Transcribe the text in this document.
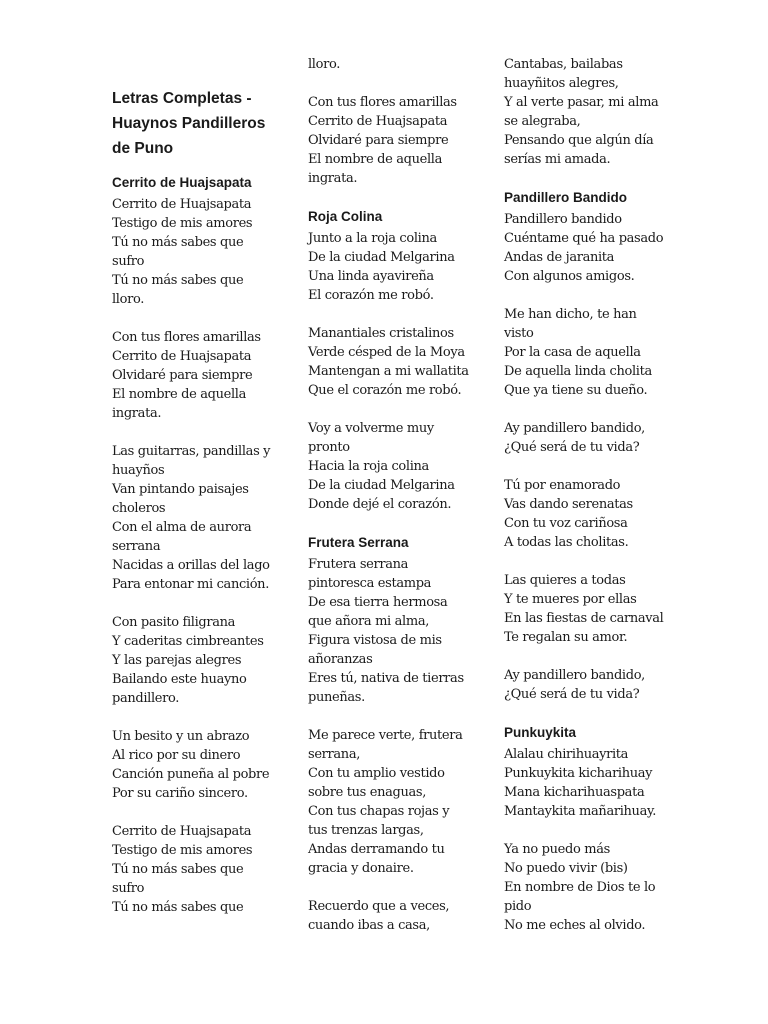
Letras Completas -
Huaynos Pandilleros
de Puno
Cerrito de Huajsapata
Cerrito de Huajsapata
Testigo de mis amores
Tú no más sabes que
sufro
Tú no más sabes que
lloro.
Con tus flores amarillas
Cerrito de Huajsapata
Olvidaré para siempre
El nombre de aquella
ingrata.
Las guitarras, pandillas y
huayños
Van pintando paisajes
choleros
Con el alma de aurora
serrana
Nacidas a orillas del lago
Para entonar mi canción.
Con pasito filigrana
Y caderitas cimbreantes
Y las parejas alegres
Bailando este huayno
pandillero.
Un besito y un abrazo
Al rico por su dinero
Canción puneña al pobre
Por su cariño sincero.
Cerrito de Huajsapata
Testigo de mis amores
Tú no más sabes que
sufro
Tú no más sabes que
lloro.
Con tus flores amarillas
Cerrito de Huajsapata
Olvidaré para siempre
El nombre de aquella
ingrata.
Roja Colina
Junto a la roja colina
De la ciudad Melgarina
Una linda ayavireña
El corazón me robó.
Manantiales cristalinos
Verde césped de la Moya
Mantengan a mi wallatita
Que el corazón me robó.
Voy a volverme muy
pronto
Hacia la roja colina
De la ciudad Melgarina
Donde dejé el corazón.
Frutera Serrana
Frutera serrana
pintoresca estampa
De esa tierra hermosa
que añora mi alma,
Figura vistosa de mis
añoranzas
Eres tú, nativa de tierras
puneñas.
Me parece verte, frutera
serrana,
Con tu amplio vestido
sobre tus enaguas,
Con tus chapas rojas y
tus trenzas largas,
Andas derramando tu
gracia y donaire.
Recuerdo que a veces,
cuando ibas a casa,
Cantabas, bailabas
huayñitos alegres,
Y al verte pasar, mi alma
se alegraba,
Pensando que algún día
serías mi amada.
Pandillero Bandido
Pandillero bandido
Cuéntame qué ha pasado
Andas de jaranita
Con algunos amigos.
Me han dicho, te han
visto
Por la casa de aquella
De aquella linda cholita
Que ya tiene su dueño.
Ay pandillero bandido,
¿Qué será de tu vida?
Tú por enamorado
Vas dando serenatas
Con tu voz cariñosa
A todas las cholitas.
Las quieres a todas
Y te mueres por ellas
En las fiestas de carnaval
Te regalan su amor.
Ay pandillero bandido,
¿Qué será de tu vida?
Punkuykita
Alalau chirihuayrita
Punkuykita kicharihuay
Mana kicharihuaspata
Mantaykita mañarihuay.
Ya no puedo más
No puedo vivir (bis)
En nombre de Dios te lo
pido
No me eches al olvido.
